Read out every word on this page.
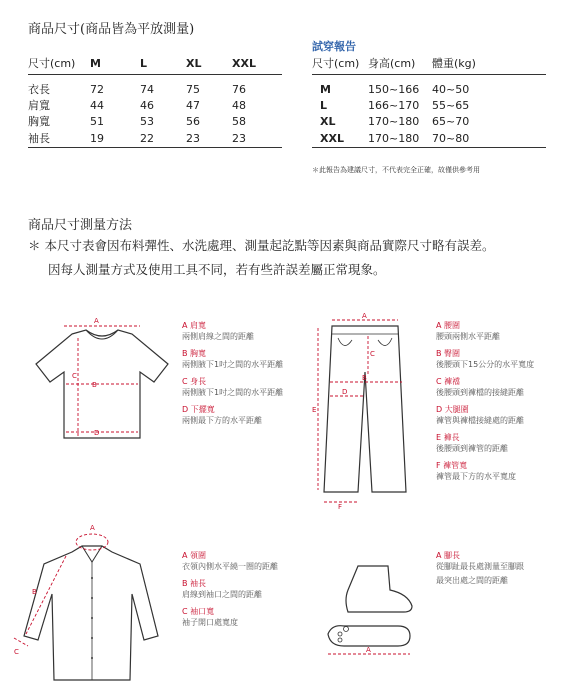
商品尺寸(商品皆為平放測量)
尺寸(cm)	M	L	XL	XXL

衣長	72	74	75	76
肩寬	44	46	47	48
胸寬	51	53	56	58
袖長	19	22	23	23
試穿報告
尺寸(cm)	身高(cm)	體重(kg)

M	150~166	40~50
L	166~170	55~65
XL	170~180	65~70
XXL	170~180	70~80
＊此報告為建議尺寸，不代表完全正確，故僅供參考用
商品尺寸測量方法
＊ 本尺寸表會因布料彈性、水洗處理、測量起訖點等因素與商品實際尺寸略有誤差。
因每人測量方式及使用工具不同，若有些許誤差屬正常現象。
A
B
C
D
A 肩寬
兩側肩線之間的距離
B 胸寬
兩側腋下1吋之間的水平距離
C 身長
兩側腋下1吋之間的水平距離
D 下擺寬
兩側最下方的水平距離
A
B
C
D
E
F
A 腰圍
腰頭兩側水平距離
B 臀圍
後腰頭下15公分的水平寬度
C 褲襠
後腰頭到褲檔的接縫距離
D 大腿圍
褲管與褲檔接縫處的距離
E 褲長
後腰頭到褲管的距離
F 褲管寬
褲管最下方的水平寬度
A
B
C
A 領圍
衣領內側水平繞一圈的距離
B 袖長
肩線到袖口之間的距離
C 袖口寬
袖子開口處寬度
A
A 腳長
從腳趾最長處測量至腳跟
最突出處之間的距離
